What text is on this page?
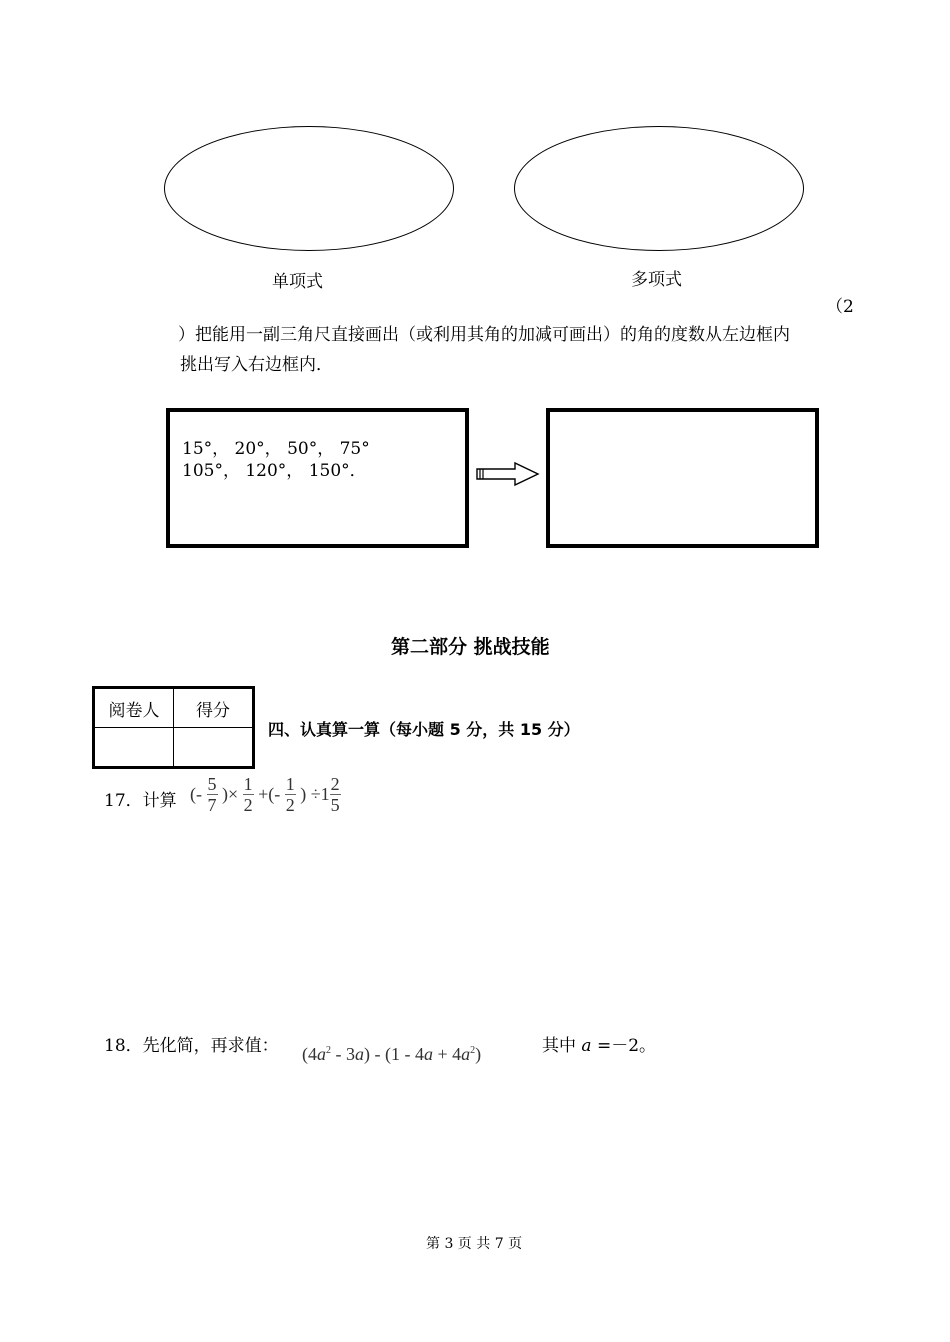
单项式	多项式
（2
）把能用一副三角尺直接画出（或利用其角的加减可画出）的角的度数从左边框内
挑出写入右边框内．
15°， 20°， 50°， 75°
105°， 120°， 150°．
第二部分 挑战技能
阅卷人	得分

四、认真算一算（每小题 5 分，共 15 分）
17．计算 (- $\frac{5}{7}$ )× $\frac{1}{2}$ +(- $\frac{1}{2}$ ) $\div 1 \frac{2}{5}$
18．先化简，再求值： $(4a^2 - 3a) - (1 - 4a + 4a^2)$	其中 a =－2。
第 3 页 共 7 页
